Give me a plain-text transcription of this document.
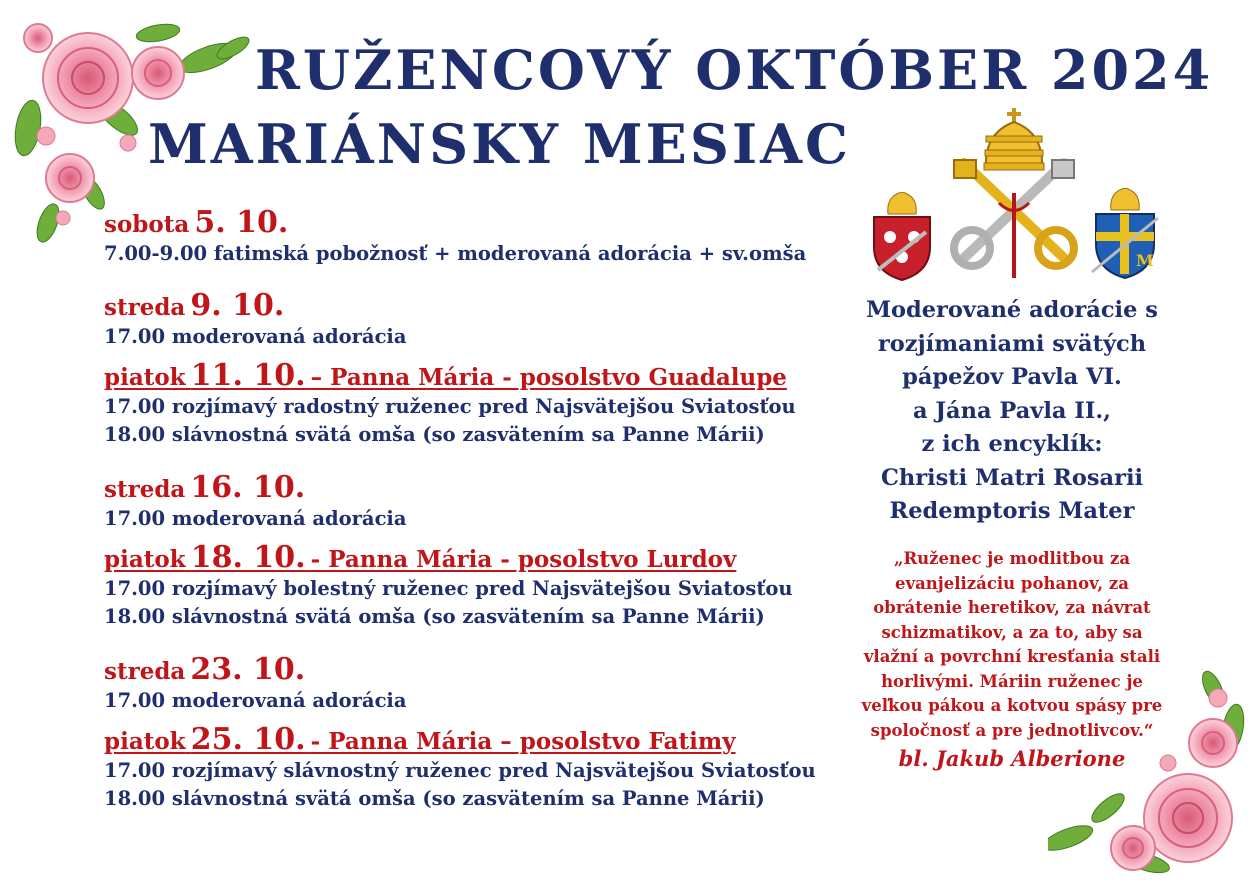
M
RUŽENCOVÝ OKTÓBER 2024
MARIÁNSKY MESIAC
sobota 5. 10.
7.00-9.00 fatimská pobožnosť + moderovaná adorácia + sv.omša
streda 9. 10.
17.00 moderovaná adorácia
piatok 11. 10. – Panna Mária - posolstvo Guadalupe
17.00 rozjímavý radostný ruženec pred Najsvätejšou Sviatosťou
18.00 slávnostná svätá omša (so zasvätením sa Panne Márii)
streda 16. 10.
17.00 moderovaná adorácia
piatok 18. 10. - Panna Mária - posolstvo Lurdov
17.00 rozjímavý bolestný ruženec pred Najsvätejšou Sviatosťou
18.00 slávnostná svätá omša (so zasvätením sa Panne Márii)
streda 23. 10.
17.00 moderovaná adorácia
piatok 25. 10. - Panna Mária – posolstvo Fatimy
17.00 rozjímavý slávnostný ruženec pred Najsvätejšou Sviatosťou
18.00 slávnostná svätá omša (so zasvätením sa Panne Márii)
Moderované adorácie s
rozjímaniami svätých
pápežov Pavla VI.
a Jána Pavla II.,
z ich encyklík:
Christi Matri Rosarii
Redemptoris Mater
„Ruženec je modlitbou za
evanjelizáciu pohanov, za
obrátenie heretikov, za návrat
schizmatikov, a za to, aby sa
vlažní a povrchní kresťania stali
horlivými. Máriin ruženec je
veľkou pákou a kotvou spásy pre
spoločnosť a pre jednotlivcov.“
bl. Jakub Alberione
